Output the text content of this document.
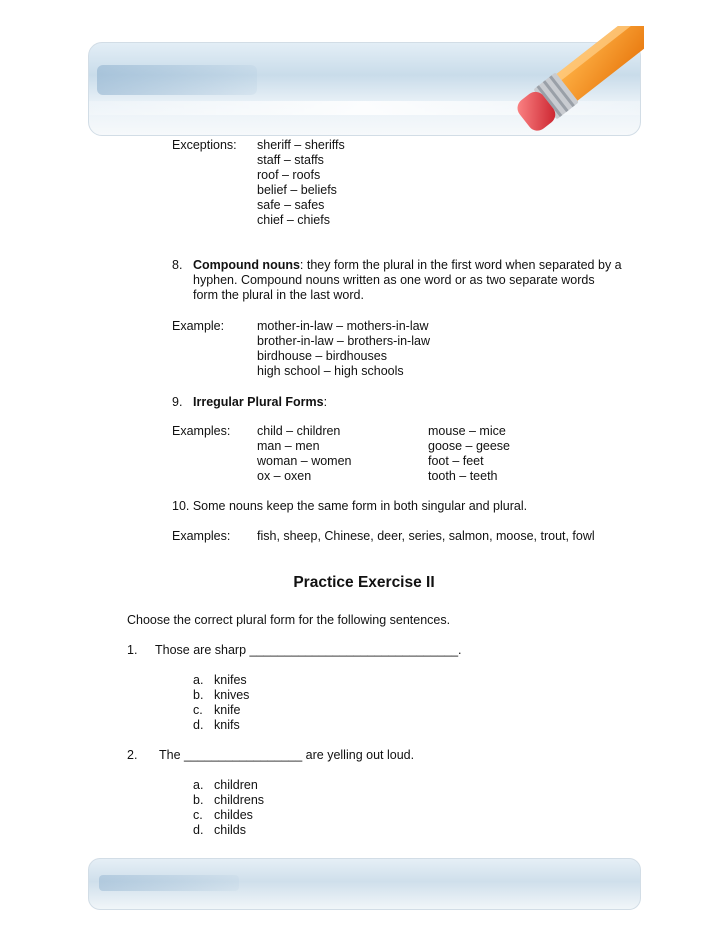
Exceptions: sheriff – sheriffs
staff – staffs
roof – roofs
belief – beliefs
safe – safes
chief – chiefs
8. Compound nouns: they form the plural in the first word when separated by a
hyphen. Compound nouns written as one word or as two separate words
form the plural in the last word.
Example:	mother-in-law – mothers-in-law
brother-in-law – brothers-in-law
birdhouse – birdhouses
high school – high schools
9. Irregular Plural Forms:
Examples: child – children
man – men
woman – women
ox – oxen
mouse – mice
goose – geese
foot – feet
tooth – teeth
10. Some nouns keep the same form in both singular and plural.
Examples: fish, sheep, Chinese, deer, series, salmon, moose, trout, fowl
Practice Exercise II
Choose the correct plural form for the following sentences.
1. Those are sharp ______________________________.
a. knifes
b. knives
c. knife
d. knifs
2. The _________________ are yelling out loud.
a. children
b. childrens
c. childes
d. childs
